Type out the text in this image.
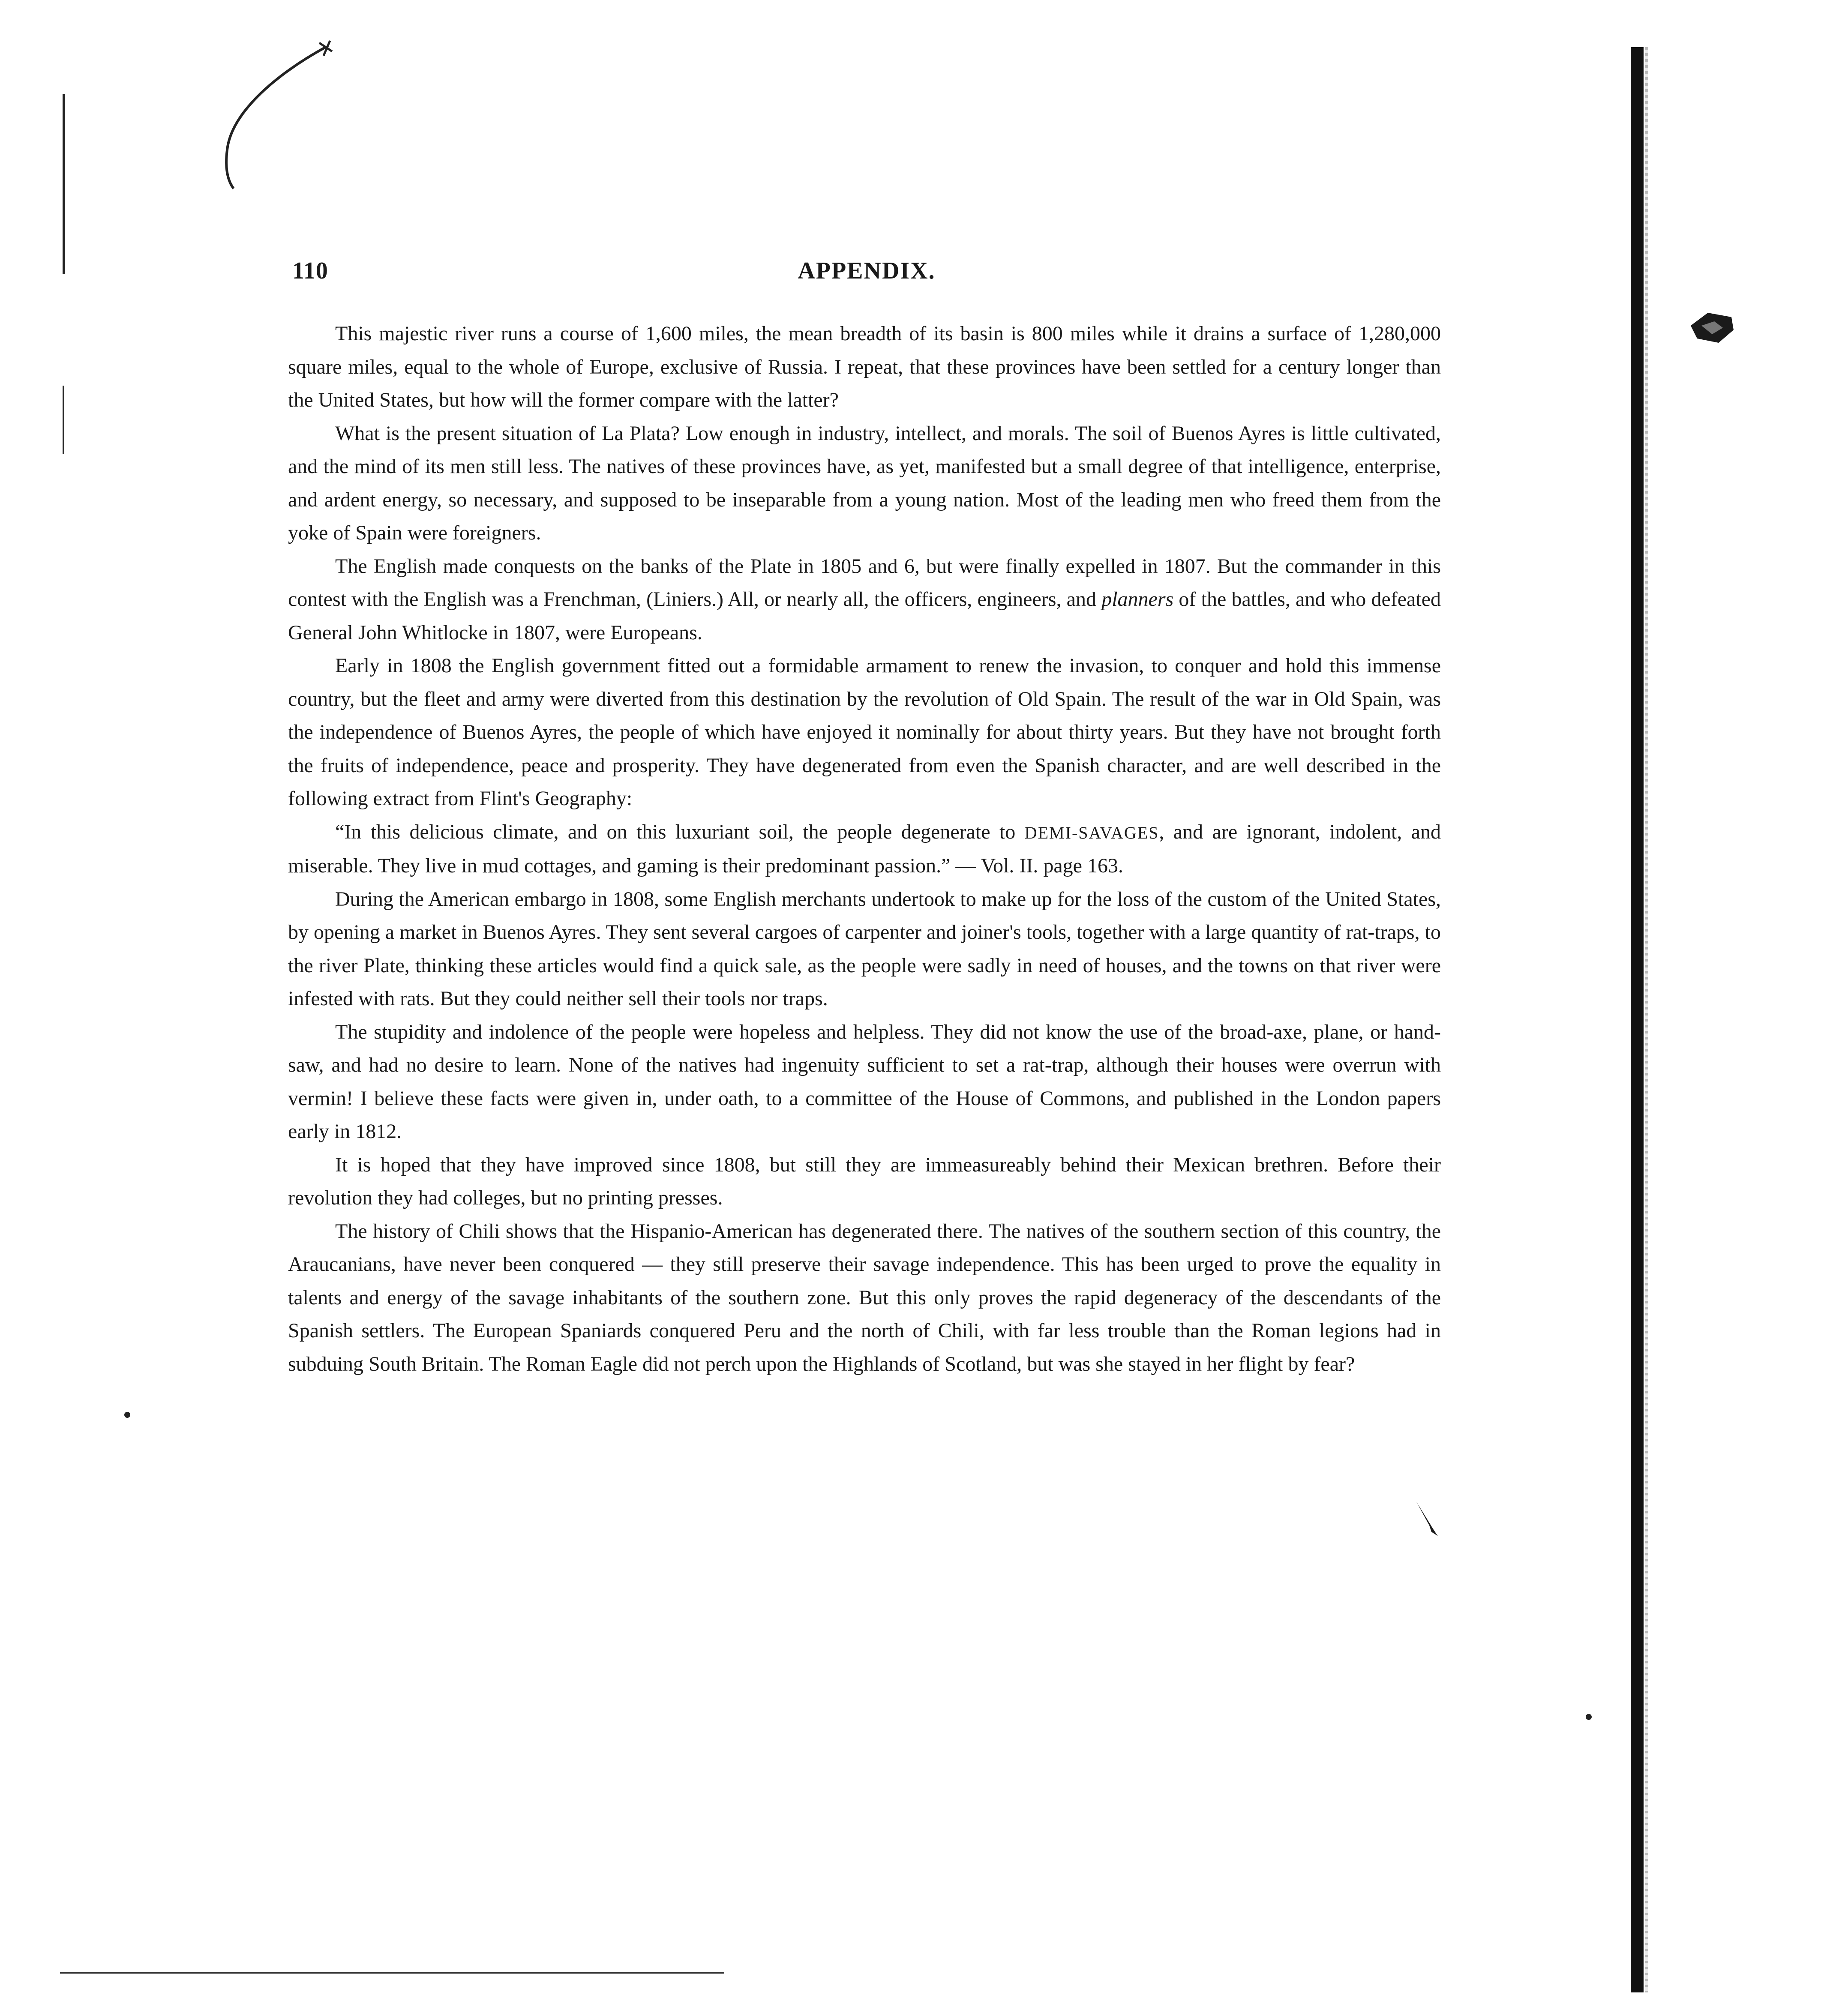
110	APPENDIX.

This majestic river runs a course of 1,600 miles, the mean breadth of its basin is 800 miles while it drains a surface of 1,280,000 square miles, equal to the whole of Europe, exclusive of Russia. I repeat, that these provinces have been settled for a century longer than the United States, but how will the former compare with the latter?

What is the present situation of La Plata? Low enough in industry, intellect, and morals. The soil of Buenos Ayres is little cultivated, and the mind of its men still less. The natives of these provinces have, as yet, manifested but a small degree of that intelligence, enterprise, and ardent energy, so necessary, and supposed to be inseparable from a young nation. Most of the leading men who freed them from the yoke of Spain were foreigners.

The English made conquests on the banks of the Plate in 1805 and 6, but were finally expelled in 1807. But the commander in this contest with the English was a Frenchman, (Liniers.) All, or nearly all, the officers, engineers, and planners of the battles, and who defeated General John Whitlocke in 1807, were Europeans.

Early in 1808 the English government fitted out a formidable armament to renew the invasion, to conquer and hold this immense country, but the fleet and army were diverted from this destination by the revolution of Old Spain. The result of the war in Old Spain, was the independence of Buenos Ayres, the people of which have enjoyed it nominally for about thirty years. But they have not brought forth the fruits of independence, peace and prosperity. They have degenerated from even the Spanish character, and are well described in the following extract from Flint's Geography:

“In this delicious climate, and on this luxuriant soil, the people degenerate to DEMI-SAVAGES, and are ignorant, indolent, and miserable. They live in mud cottages, and gaming is their predominant passion.” — Vol. II. page 163.

During the American embargo in 1808, some English merchants undertook to make up for the loss of the custom of the United States, by opening a market in Buenos Ayres. They sent several cargoes of carpenter and joiner's tools, together with a large quantity of rat-traps, to the river Plate, thinking these articles would find a quick sale, as the people were sadly in need of houses, and the towns on that river were infested with rats. But they could neither sell their tools nor traps.

The stupidity and indolence of the people were hopeless and helpless. They did not know the use of the broad-axe, plane, or hand-saw, and had no desire to learn. None of the natives had ingenuity sufficient to set a rat-trap, although their houses were overrun with vermin! I believe these facts were given in, under oath, to a committee of the House of Commons, and published in the London papers early in 1812.

It is hoped that they have improved since 1808, but still they are immeasureably behind their Mexican brethren. Before their revolution they had colleges, but no printing presses.

The history of Chili shows that the Hispanio-American has degenerated there. The natives of the southern section of this country, the Araucanians, have never been conquered — they still preserve their savage independence. This has been urged to prove the equality in talents and energy of the savage inhabitants of the southern zone. But this only proves the rapid degeneracy of the descendants of the Spanish settlers. The European Spaniards conquered Peru and the north of Chili, with far less trouble than the Roman legions had in subduing South Britain. The Roman Eagle did not perch upon the Highlands of Scotland, but was she stayed in her flight by fear?
